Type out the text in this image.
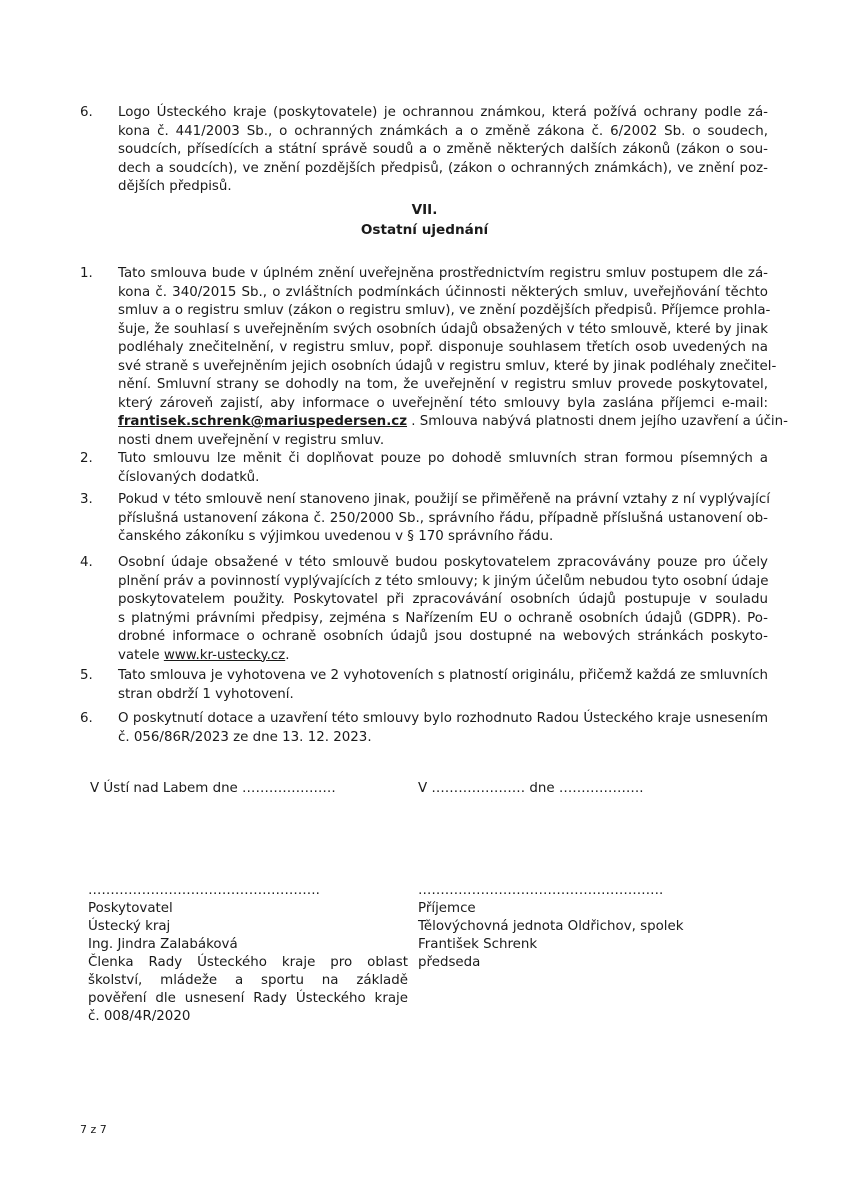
6. Logo Ústeckého kraje (poskytovatele) je ochrannou známkou, která požívá ochrany podle zá-
kona č. 441/2003 Sb., o ochranných známkách a o změně zákona č. 6/2002 Sb. o soudech,
soudcích, přísedících a státní správě soudů a o změně některých dalších zákonů (zákon o sou-
dech a soudcích), ve znění pozdějších předpisů, (zákon o ochranných známkách), ve znění poz-
dějších předpisů.
VII.
Ostatní ujednání
1. Tato smlouva bude v úplném znění uveřejněna prostřednictvím registru smluv postupem dle zá-
kona č. 340/2015 Sb., o zvláštních podmínkách účinnosti některých smluv, uveřejňování těchto
smluv a o registru smluv (zákon o registru smluv), ve znění pozdějších předpisů. Příjemce prohla-
šuje, že souhlasí s uveřejněním svých osobních údajů obsažených v této smlouvě, které by jinak
podléhaly znečitelnění, v registru smluv, popř. disponuje souhlasem třetích osob uvedených na
své straně s uveřejněním jejich osobních údajů v registru smluv, které by jinak podléhaly znečitel-
nění. Smluvní strany se dohodly na tom, že uveřejnění v registru smluv provede poskytovatel,
který zároveň zajistí, aby informace o uveřejnění této smlouvy byla zaslána příjemci e-mail:
frantisek.schrenk@mariuspedersen.cz . Smlouva nabývá platnosti dnem jejího uzavření a účin-
nosti dnem uveřejnění v registru smluv.
2. Tuto smlouvu lze měnit či doplňovat pouze po dohodě smluvních stran formou písemných a
číslovaných dodatků.
3. Pokud v této smlouvě není stanoveno jinak, použijí se přiměřeně na právní vztahy z ní vyplývající
příslušná ustanovení zákona č. 250/2000 Sb., správního řádu, případně příslušná ustanovení ob-
čanského zákoníku s výjimkou uvedenou v § 170 správního řádu.
4. Osobní údaje obsažené v této smlouvě budou poskytovatelem zpracovávány pouze pro účely
plnění práv a povinností vyplývajících z této smlouvy; k jiným účelům nebudou tyto osobní údaje
poskytovatelem použity. Poskytovatel při zpracovávání osobních údajů postupuje v souladu
s platnými právními předpisy, zejména s Nařízením EU o ochraně osobních údajů (GDPR). Po-
drobné informace o ochraně osobních údajů jsou dostupné na webových stránkách poskyto-
vatele www.kr-ustecky.cz.
5. Tato smlouva je vyhotovena ve 2 vyhotoveních s platností originálu, přičemž každá ze smluvních
stran obdrží 1 vyhotovení.
6. O poskytnutí dotace a uzavření této smlouvy bylo rozhodnuto Radou Ústeckého kraje usnesením
č. 056/86R/2023 ze dne 13. 12. 2023.
V Ústí nad Labem dne …………………	V ………………… dne ……………….
…………………………………………….
Poskytovatel
Ústecký kraj
Ing. Jindra Zalabáková
Členka Rady Ústeckého kraje pro oblast
školství, mládeže a sportu na základě
pověření dle usnesení Rady Ústeckého kraje
č. 008/4R/2020
……………………………………………….
Příjemce
Tělovýchovná jednota Oldřichov, spolek
František Schrenk
předseda
7 z 7
